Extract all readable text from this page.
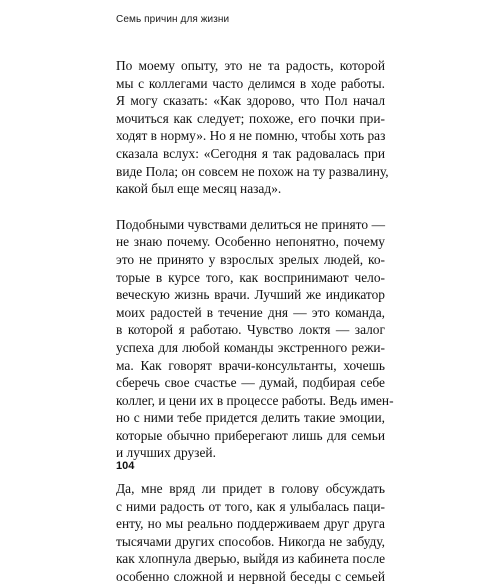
Семь причин для жизни
По моему опыту, это не та радость, которой
мы с коллегами часто делимся в ходе работы.
Я могу сказать: «Как здорово, что Пол начал
мочиться как следует; похоже, его почки при-
ходят в норму». Но я не помню, чтобы хоть раз
сказала вслух: «Сегодня я так радовалась при
виде Пола; он совсем не похож на ту развалину,
какой был еще месяц назад».
Подобными чувствами делиться не принято —
не знаю почему. Особенно непонятно, почему
это не принято у взрослых зрелых людей, ко-
торые в курсе того, как воспринимают чело-
веческую жизнь врачи. Лучший же индикатор
моих радостей в течение дня — это команда,
в которой я работаю. Чувство локтя — залог
успеха для любой команды экстренного режи-
ма. Как говорят врачи-консультанты, хочешь
сберечь свое счастье — думай, подбирая себе
коллег, и цени их в процессе работы. Ведь имен-
но с ними тебе придется делить такие эмоции,
которые обычно приберегают лишь для семьи
и лучших друзей.
Да, мне вряд ли придет в голову обсуждать
с ними радость от того, как я улыбалась паци-
енту, но мы реально поддерживаем друг друга
тысячами других способов. Никогда не забуду,
как хлопнула дверью, выйдя из кабинета после
особенно сложной и нервной беседы с семьей
104
